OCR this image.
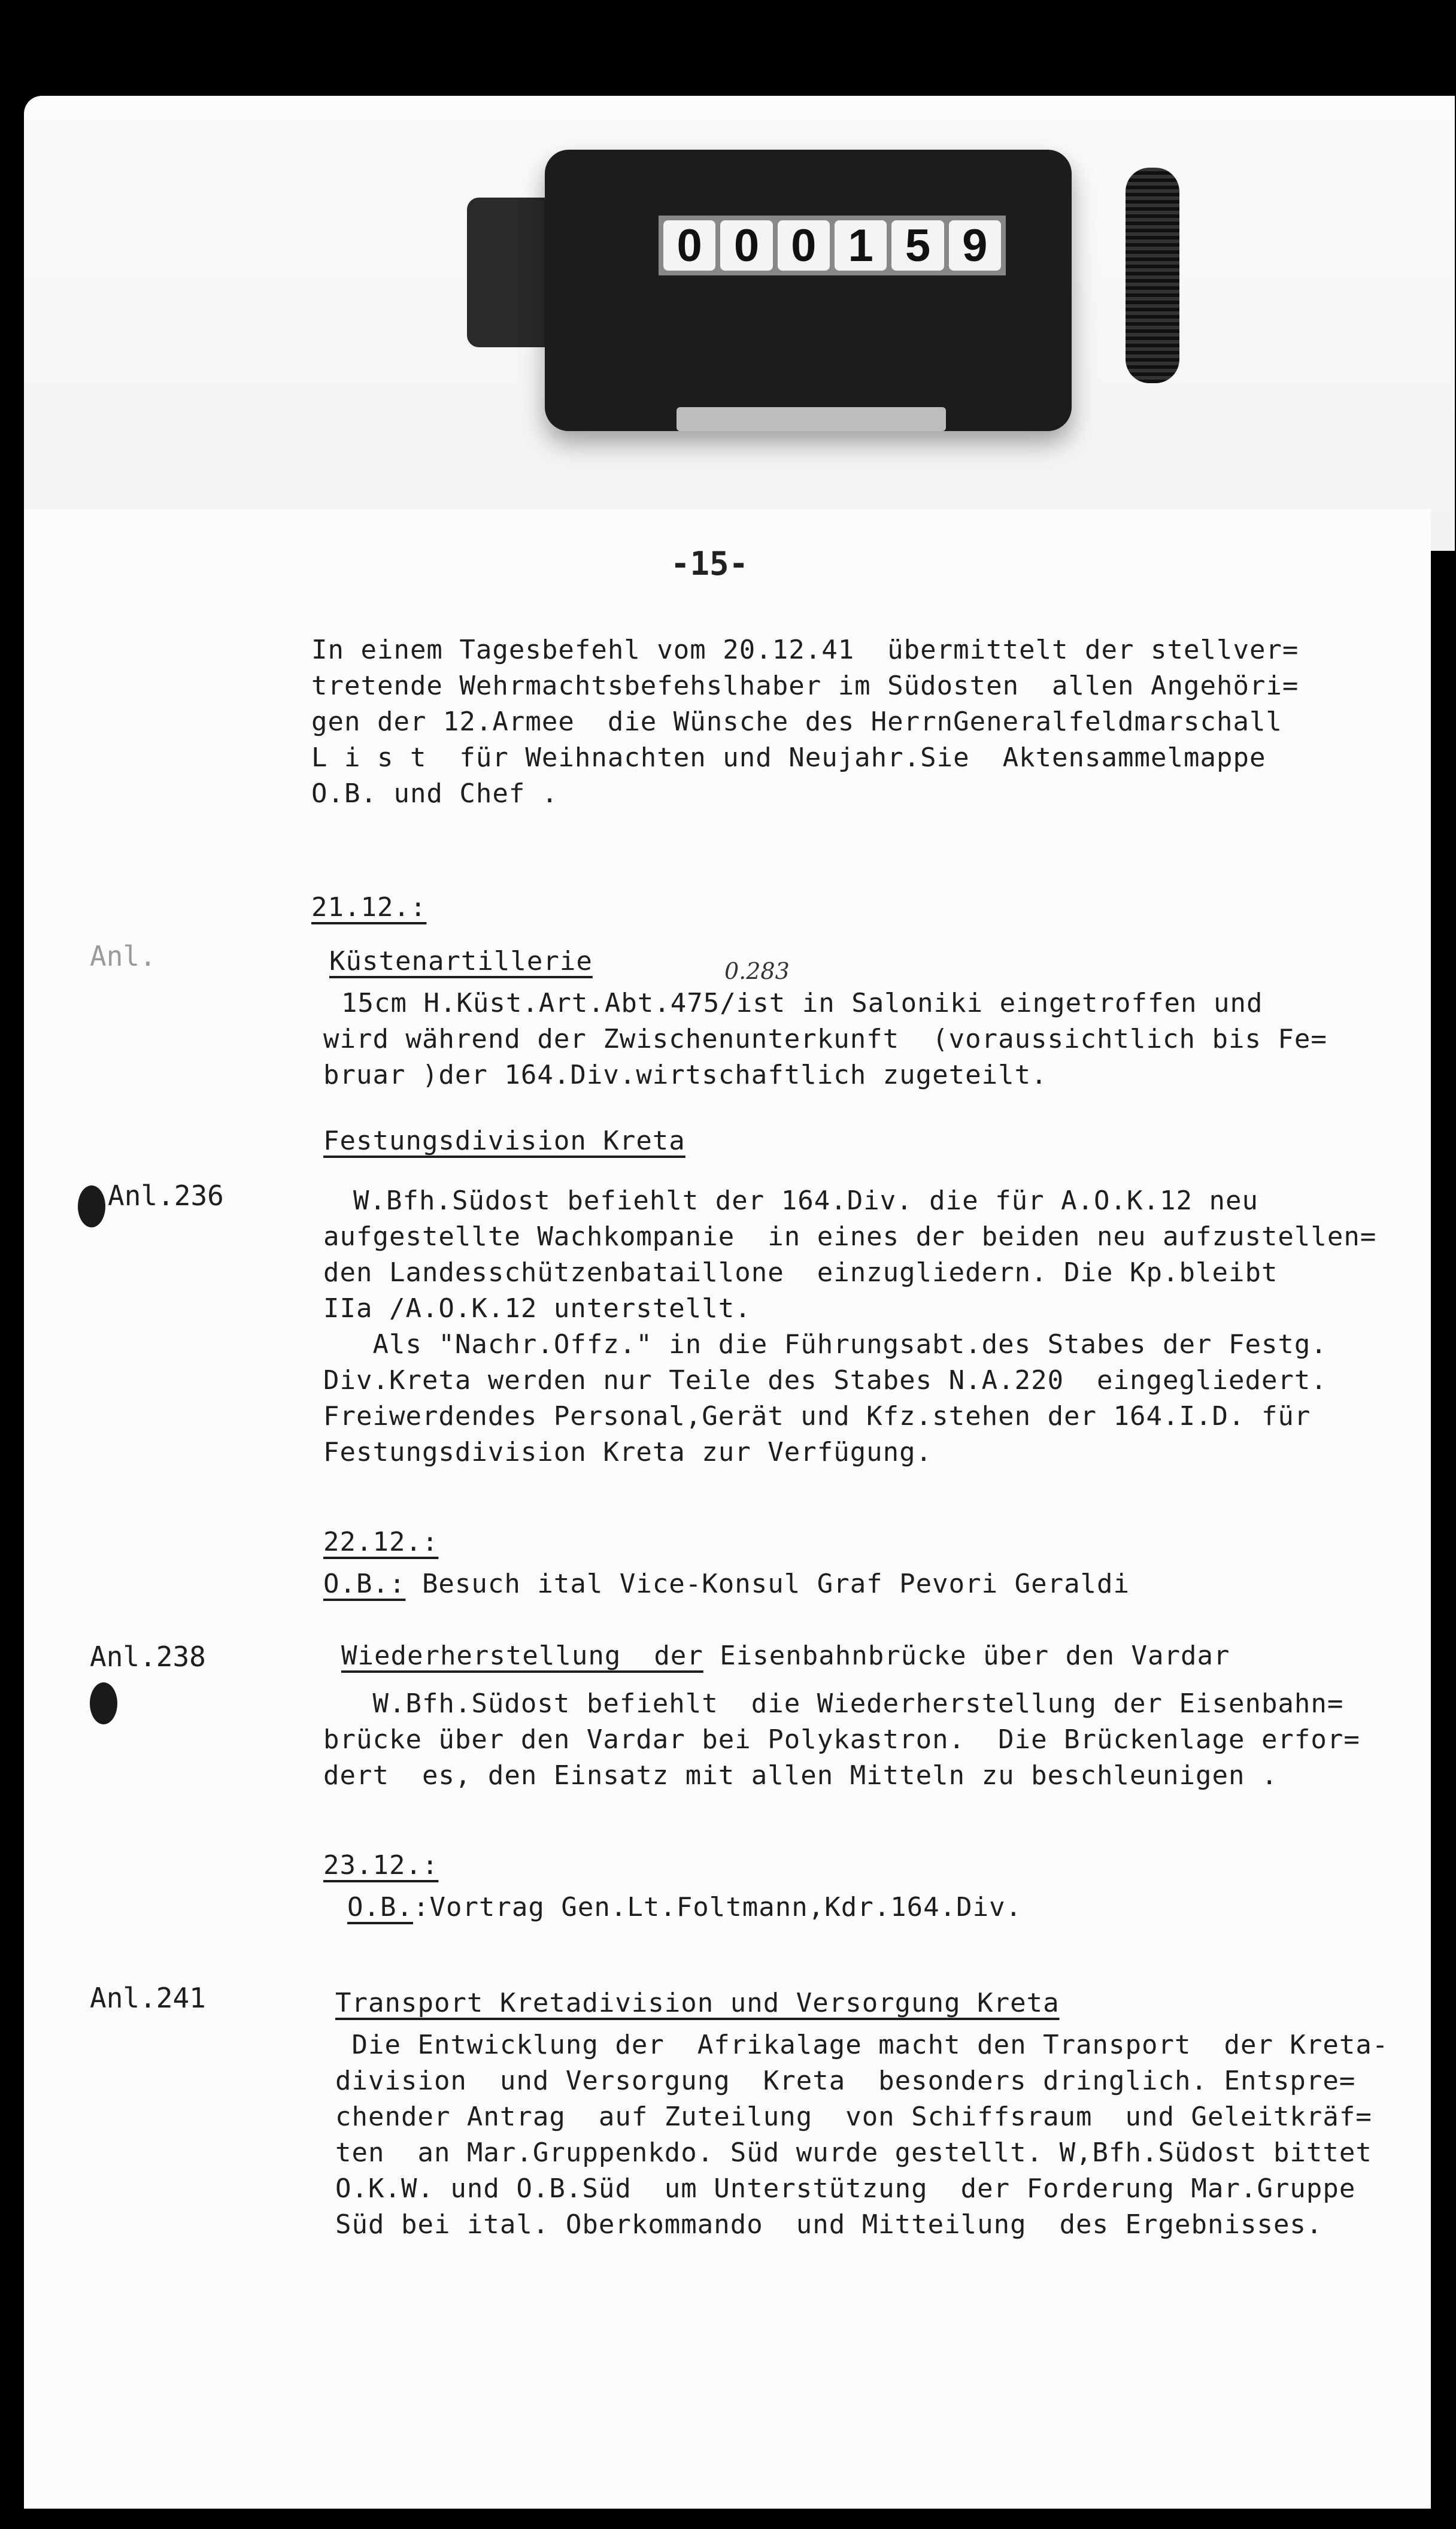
0 0 0 1 5 9
-15-
In einem Tagesbefehl vom 20.12.41  übermittelt der stellver=
tretende Wehrmachtsbefehslhaber im Südosten  allen Angehöri=
gen der 12.Armee  die Wünsche des HerrnGeneralfeldmarschall
L i s t  für Weihnachten und Neujahr.Sie  Aktensammelmappe
O.B. und Chef .
21.12.:
Anl.	Küstenartillerie	0.283
15cm H.Küst.Art.Abt.475/ist in Saloniki eingetroffen und
wird während der Zwischenunterkunft  (voraussichtlich bis Fe=
bruar )der 164.Div.wirtschaftlich zugeteilt.
Festungsdivision Kreta
Anl.236	W.Bfh.Südost befiehlt der 164.Div. die für A.O.K.12 neu
aufgestellte Wachkompanie  in eines der beiden neu aufzustellen=
den Landesschützenbataillone  einzugliedern. Die Kp.bleibt
IIa /A.O.K.12 unterstellt.
Als "Nachr.Offz." in die Führungsabt.des Stabes der Festg.
Div.Kreta werden nur Teile des Stabes N.A.220  eingegliedert.
Freiwerdendes Personal,Gerät und Kfz.stehen der 164.I.D. für
Festungsdivision Kreta zur Verfügung.
22.12.:
O.B.: Besuch ital Vice-Konsul Graf Pevori Geraldi
Anl.238	Wiederherstellung  der Eisenbahnbrücke über den Vardar
W.Bfh.Südost befiehlt  die Wiederherstellung der Eisenbahn=
brücke über den Vardar bei Polykastron.  Die Brückenlage erfor=
dert  es, den Einsatz mit allen Mitteln zu beschleunigen .
23.12.:
O.B.:Vortrag Gen.Lt.Foltmann,Kdr.164.Div.
Anl.241	Transport Kretadivision und Versorgung Kreta
Die Entwicklung der  Afrikalage macht den Transport  der Kreta-
division  und Versorgung  Kreta  besonders dringlich. Entspre=
chender Antrag  auf Zuteilung  von Schiffsraum  und Geleitkräf=
ten  an Mar.Gruppenkdo. Süd wurde gestellt. W,Bfh.Südost bittet
O.K.W. und O.B.Süd  um Unterstützung  der Forderung Mar.Gruppe
Süd bei ital. Oberkommando  und Mitteilung  des Ergebnisses.
